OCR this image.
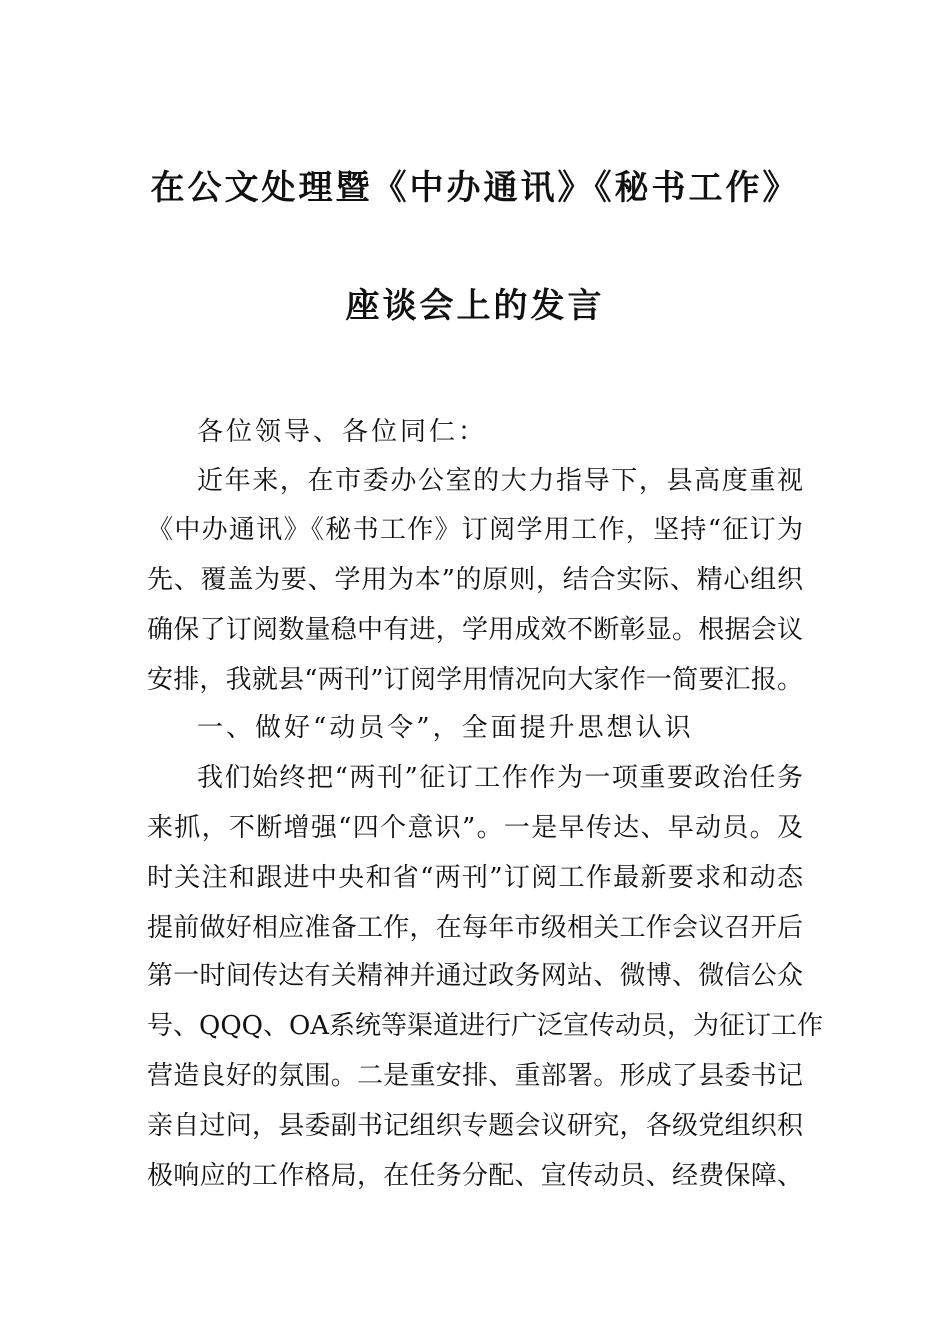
在公文处理暨《中办通讯》《秘书工作》
座谈会上的发言
各位领导、各位同仁：
近年来，在市委办公室的大力指导下，县高度重视
《中办通讯》《秘书工作》订阅学用工作，坚持“征订为
先、覆盖为要、学用为本”的原则，结合实际、精心组织
确保了订阅数量稳中有进，学用成效不断彰显。根据会议
安排，我就县“两刊”订阅学用情况向大家作一简要汇报。
一、做好“动员令”，全面提升思想认识
我们始终把“两刊”征订工作作为一项重要政治任务
来抓，不断增强“四个意识”。一是早传达、早动员。及
时关注和跟进中央和省“两刊”订阅工作最新要求和动态
提前做好相应准备工作，在每年市级相关工作会议召开后
第一时间传达有关精神并通过政务网站、微博、微信公众
号、QQQ、OA系统等渠道进行广泛宣传动员，为征订工作
营造良好的氛围。二是重安排、重部署。形成了县委书记
亲自过问，县委副书记组织专题会议研究，各级党组织积
极响应的工作格局，在任务分配、宣传动员、经费保障、
